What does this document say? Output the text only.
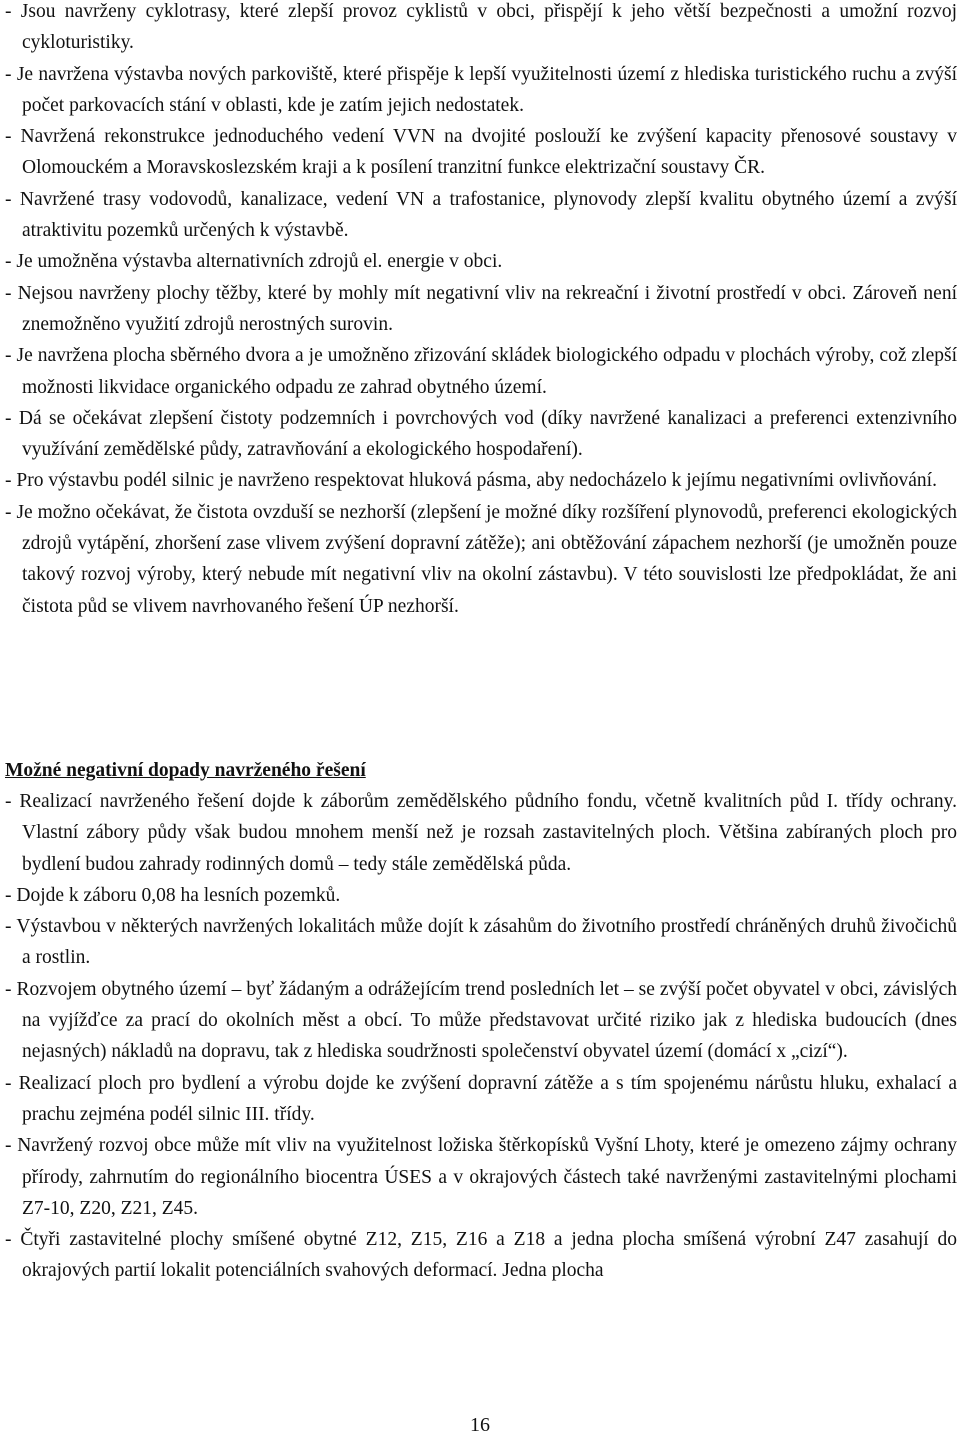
- Jsou navrženy cyklotrasy, které zlepší provoz cyklistů v obci, přispějí k jeho větší bezpečnosti a umožní rozvoj cykloturistiky.

- Je navržena výstavba nových parkoviště, které přispěje k lepší využitelnosti území z hlediska turistického ruchu a zvýší počet parkovacích stání v oblasti, kde je zatím jejich nedostatek.

- Navržená rekonstrukce jednoduchého vedení VVN na dvojité poslouží ke zvýšení kapacity přenosové soustavy v Olomouckém a Moravskoslezském kraji a k posílení tranzitní funkce elektrizační soustavy ČR.

- Navržené trasy vodovodů, kanalizace, vedení VN a trafostanice, plynovody zlepší kvalitu obytného území a zvýší atraktivitu pozemků určených k výstavbě.

- Je umožněna výstavba alternativních zdrojů el. energie v obci.

- Nejsou navrženy plochy těžby, které by mohly mít negativní vliv na rekreační i životní prostředí v obci. Zároveň není znemožněno využití zdrojů nerostných surovin.

- Je navržena plocha sběrného dvora a je umožněno zřizování skládek biologického odpadu v plochách výroby, což zlepší možnosti likvidace organického odpadu ze zahrad obytného území.

- Dá se očekávat zlepšení čistoty podzemních i povrchových vod (díky navržené kanalizaci a preferenci extenzivního využívání zemědělské půdy, zatravňování a ekologického hospodaření).

- Pro výstavbu podél silnic je navrženo respektovat hluková pásma, aby nedocházelo k jejímu negativními ovlivňování.

- Je možno očekávat, že čistota ovzduší se nezhorší (zlepšení je možné díky rozšíření plynovodů, preferenci ekologických zdrojů vytápění, zhoršení zase vlivem zvýšení dopravní zátěže); ani obtěžování zápachem nezhorší (je umožněn pouze takový rozvoj výroby, který nebude mít negativní vliv na okolní zástavbu). V této souvislosti lze předpokládat, že ani čistota půd se vlivem navrhovaného řešení ÚP nezhorší.

Možné negativní dopady navrženého řešení

- Realizací navrženého řešení dojde k záborům zemědělského půdního fondu, včetně kvalitních půd I. třídy ochrany. Vlastní zábory půdy však budou mnohem menší než je rozsah zastavitelných ploch. Většina zabíraných ploch pro bydlení budou zahrady rodinných domů – tedy stále zemědělská půda.

- Dojde k záboru 0,08 ha lesních pozemků.

- Výstavbou v některých navržených lokalitách může dojít k zásahům do životního prostředí chráněných druhů živočichů a rostlin.

- Rozvojem obytného území – byť žádaným a odrážejícím trend posledních let – se zvýší počet obyvatel v obci, závislých na vyjížďce za prací do okolních měst a obcí. To může představovat určité riziko jak z hlediska budoucích (dnes nejasných) nákladů na dopravu, tak z hlediska soudržnosti společenství obyvatel území (domácí x „cizí“).

- Realizací ploch pro bydlení a výrobu dojde ke zvýšení dopravní zátěže a s tím spojenému nárůstu hluku, exhalací a prachu zejména podél silnic III. třídy.

- Navržený rozvoj obce může mít vliv na využitelnost ložiska štěrkopísků Vyšní Lhoty, které je omezeno zájmy ochrany přírody, zahrnutím do regionálního biocentra ÚSES a v okrajových částech také navrženými zastavitelnými plochami Z7-10, Z20, Z21, Z45.

- Čtyři zastavitelné plochy smíšené obytné Z12, Z15, Z16 a Z18 a jedna plocha smíšená výrobní Z47 zasahují do okrajových partií lokalit potenciálních svahových deformací. Jedna plocha

16
